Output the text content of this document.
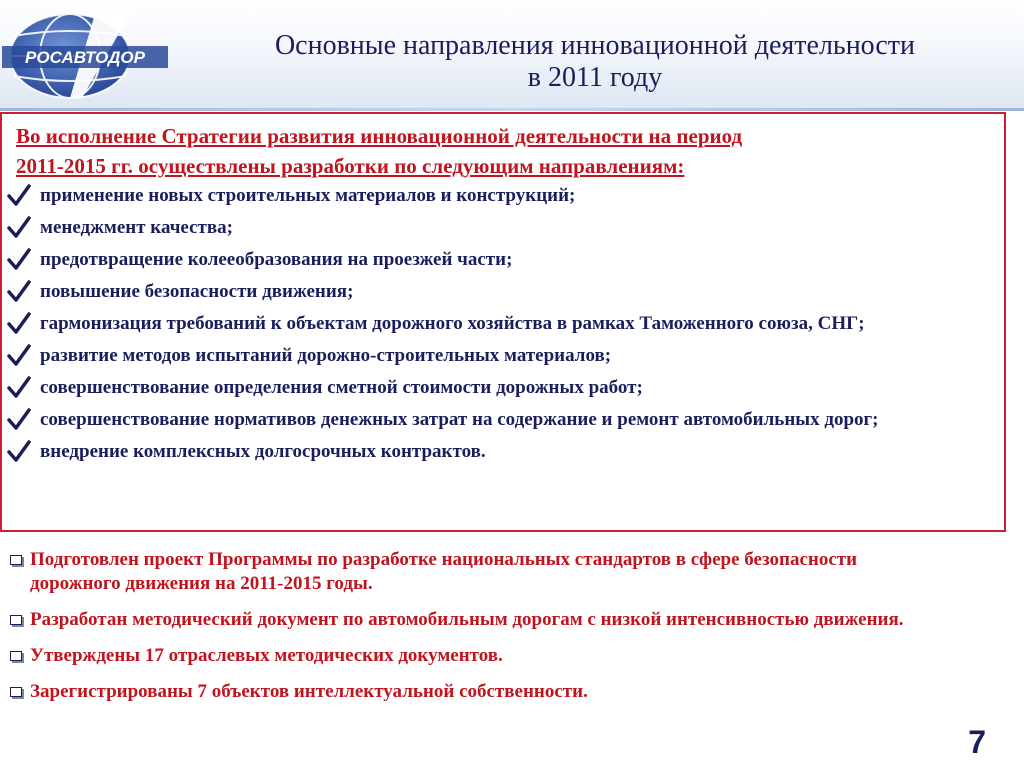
РОСАВТОДОР	Основные направления инновационной деятельности
в 2011 году

Во исполнение Стратегии развития инновационной деятельности на период
2011-2015 гг. осуществлены разработки по следующим направлениям:

применение новых строительных материалов и конструкций;
менеджмент качества;
предотвращение колееобразования на проезжей части;
повышение безопасности движения;
гармонизация требований к объектам дорожного хозяйства в рамках Таможенного союза, СНГ;
развитие методов испытаний дорожно-строительных материалов;
совершенствование определения сметной стоимости дорожных работ;
совершенствование нормативов денежных затрат на содержание и ремонт автомобильных дорог;
внедрение комплексных долгосрочных контрактов.
Подготовлен проект Программы по разработке национальных стандартов в сфере безопасности дорожного движения на 2011-2015 годы.
Разработан методический документ по автомобильным дорогам с низкой интенсивностью движения.
Утверждены 17 отраслевых методических документов.
Зарегистрированы 7 объектов интеллектуальной собственности.
7
